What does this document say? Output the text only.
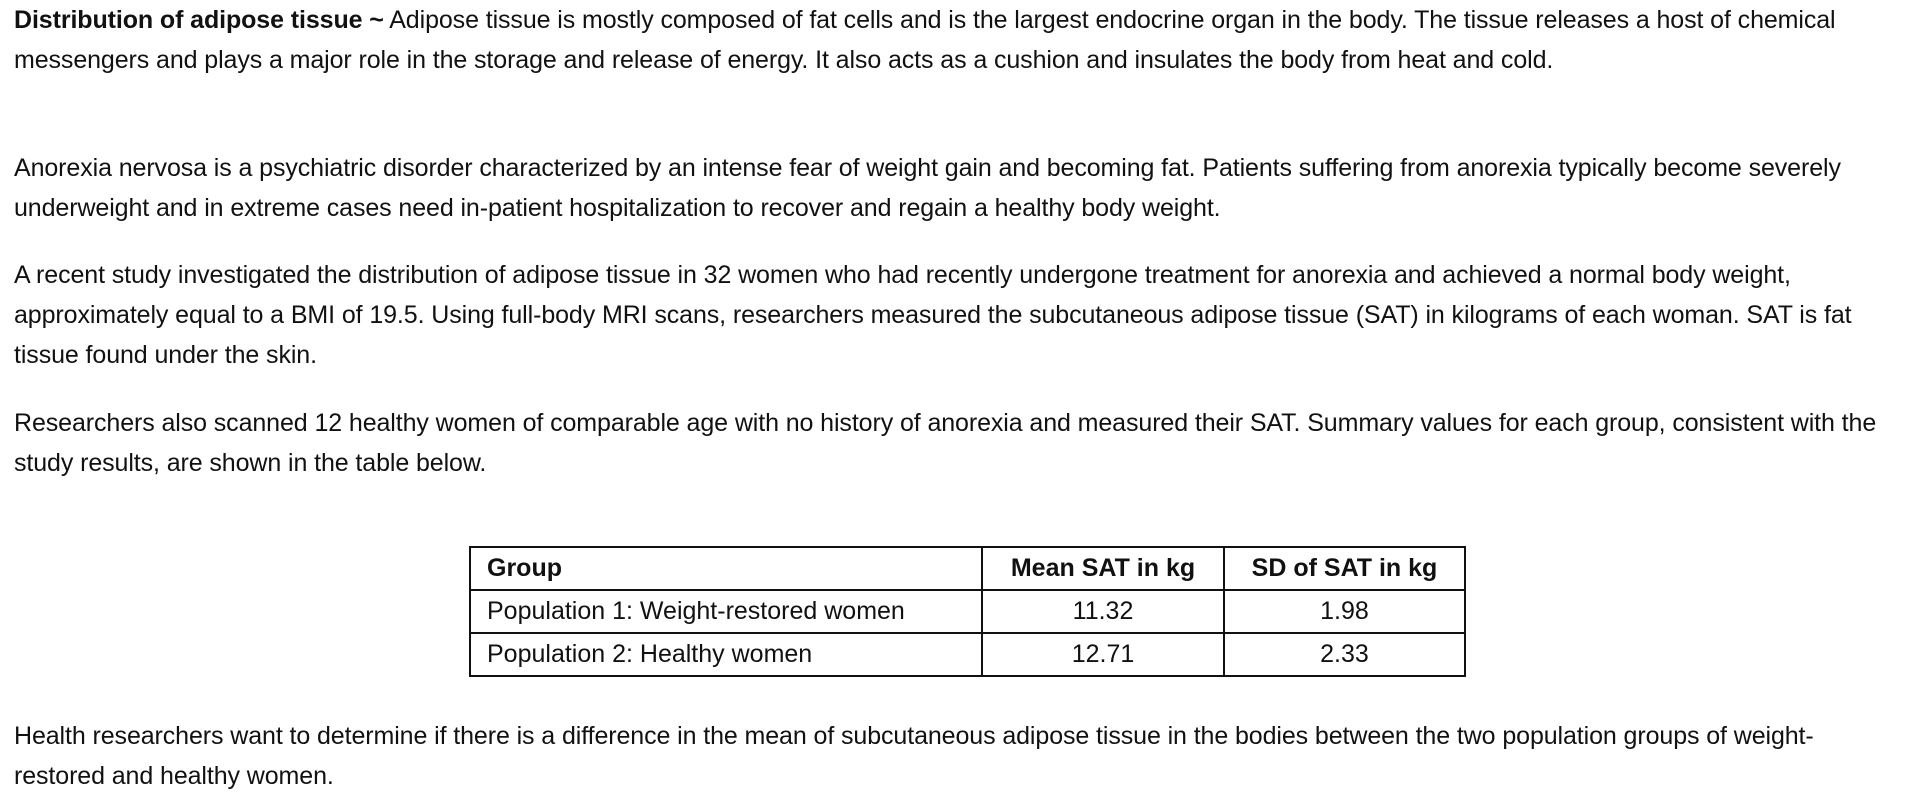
Distribution of adipose tissue ~ Adipose tissue is mostly composed of fat cells and is the largest endocrine organ in the body. The tissue releases a host of chemical messengers and plays a major role in the storage and release of energy. It also acts as a cushion and insulates the body from heat and cold.

Anorexia nervosa is a psychiatric disorder characterized by an intense fear of weight gain and becoming fat. Patients suffering from anorexia typically become severely underweight and in extreme cases need in-patient hospitalization to recover and regain a healthy body weight.

A recent study investigated the distribution of adipose tissue in 32 women who had recently undergone treatment for anorexia and achieved a normal body weight, approximately equal to a BMI of 19.5. Using full-body MRI scans, researchers measured the subcutaneous adipose tissue (SAT) in kilograms of each woman. SAT is fat tissue found under the skin.

Researchers also scanned 12 healthy women of comparable age with no history of anorexia and measured their SAT. Summary values for each group, consistent with the study results, are shown in the table below.

Group	Mean SAT in kg	SD of SAT in kg
Population 1: Weight-restored women	11.32	1.98
Population 2: Healthy women	12.71	2.33

Health researchers want to determine if there is a difference in the mean of subcutaneous adipose tissue in the bodies between the two population groups of weight-restored and healthy women.
